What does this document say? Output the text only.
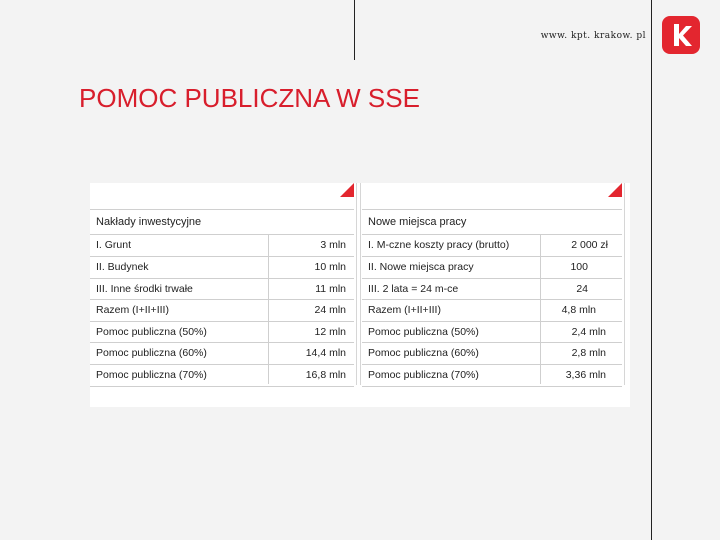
www. kpt. krakow. pl
POMOC PUBLICZNA W SSE
Nakłady inwestycyjne
I. Grunt	3 mln
II. Budynek	10 mln
III. Inne środki trwałe	11 mln
Razem (I+II+III)	24 mln
Pomoc publiczna (50%)	12 mln
Pomoc publiczna (60%)	14,4 mln
Pomoc publiczna (70%)	16,8 mln
Nowe miejsca pracy
I. M-czne koszty pracy (brutto)	2 000 zł
II. Nowe miejsca pracy	100
III. 2 lata = 24 m-ce	24
Razem (I+II+III)	4,8 mln
Pomoc publiczna (50%)	2,4 mln
Pomoc publiczna (60%)	2,8 mln
Pomoc publiczna (70%)	3,36 mln
